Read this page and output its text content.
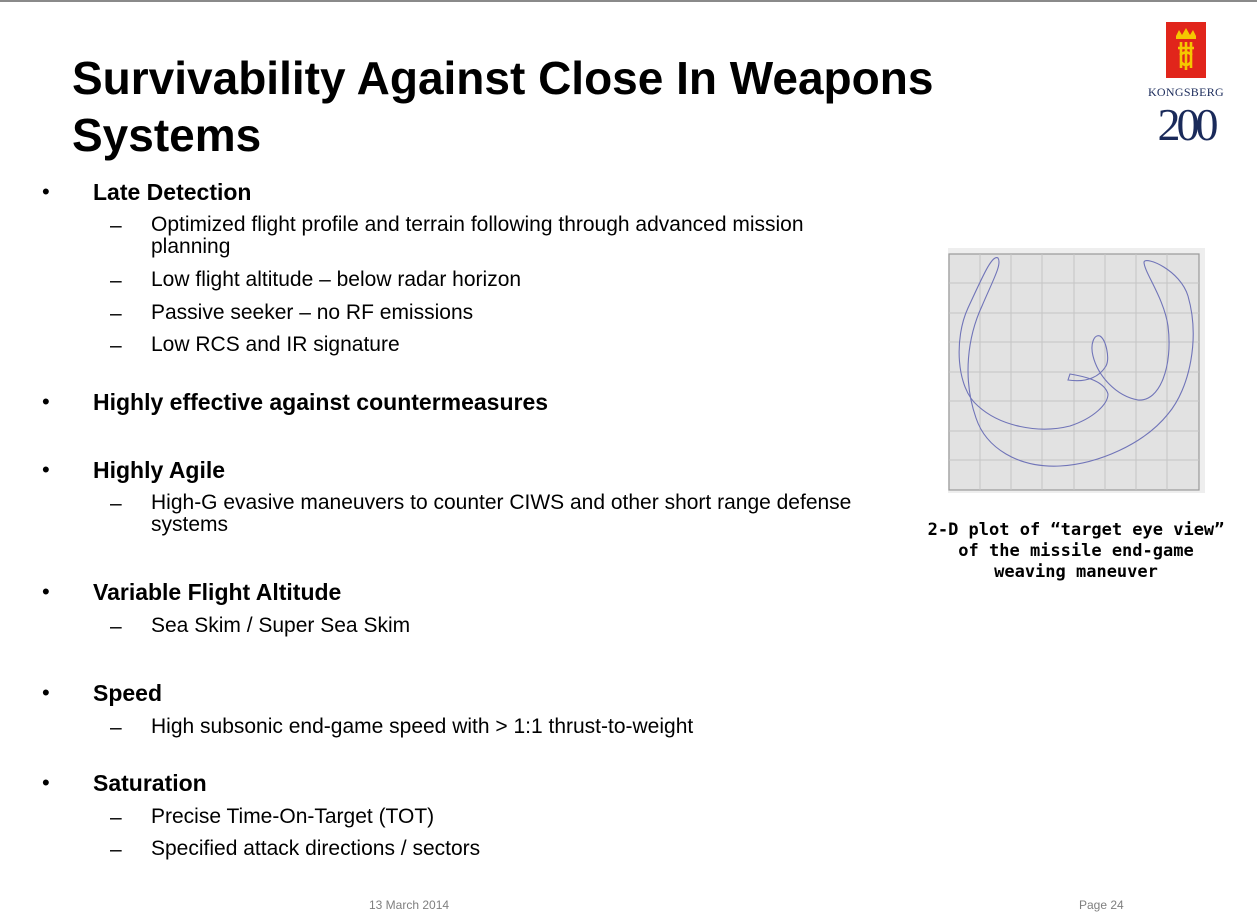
Survivability Against Close In Weapons Systems
KONGSBERG
200
• Late Detection
– Optimized flight profile and terrain following through advanced mission planning
– Low flight altitude – below radar horizon
– Passive seeker – no RF emissions
– Low RCS and IR signature
• Highly effective against countermeasures
• Highly Agile
– High-G evasive maneuvers to counter CIWS and other short range defense systems
• Variable Flight Altitude
– Sea Skim / Super Sea Skim
• Speed
– High subsonic end-game speed with > 1:1 thrust-to-weight
• Saturation
– Precise Time-On-Target (TOT)
– Specified attack directions / sectors
2-D plot of “target eye view”
of the missile end-game
weaving maneuver
13 March 2014	Page 24
